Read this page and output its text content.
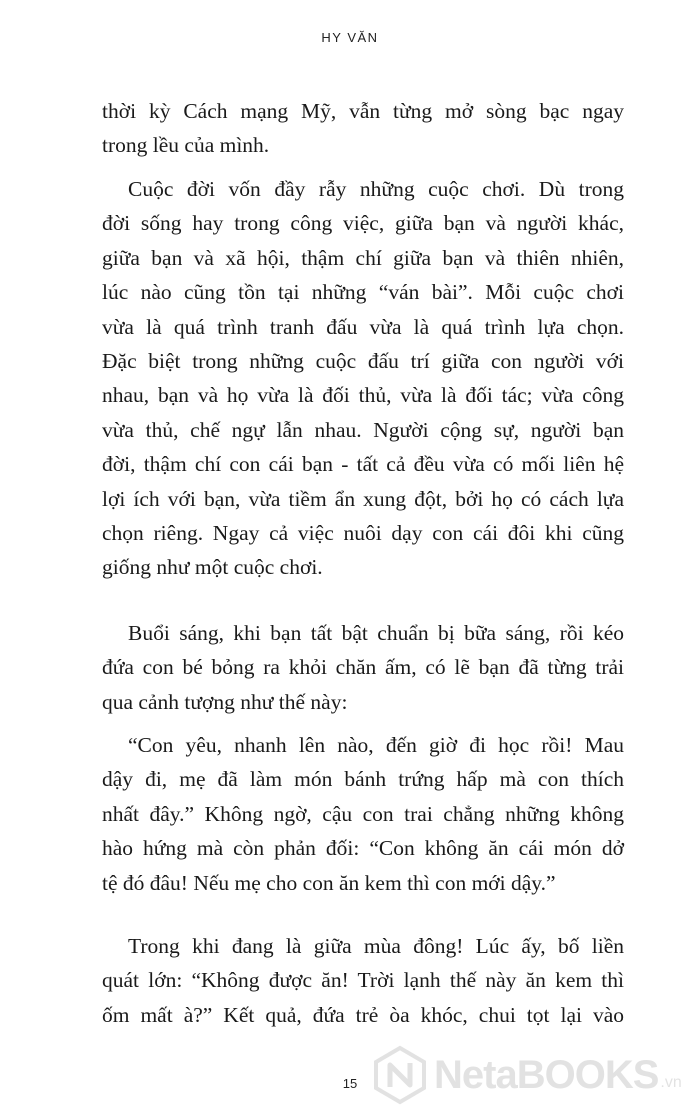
HY VĂN
thời kỳ Cách mạng Mỹ, vẫn từng mở sòng bạc ngay
trong lều của mình.
Cuộc đời vốn đầy rẫy những cuộc chơi. Dù trong
đời sống hay trong công việc, giữa bạn và người khác,
giữa bạn và xã hội, thậm chí giữa bạn và thiên nhiên,
lúc nào cũng tồn tại những “ván bài”. Mỗi cuộc chơi
vừa là quá trình tranh đấu vừa là quá trình lựa chọn.
Đặc biệt trong những cuộc đấu trí giữa con người với
nhau, bạn và họ vừa là đối thủ, vừa là đối tác; vừa công
vừa thủ, chế ngự lẫn nhau. Người cộng sự, người bạn
đời, thậm chí con cái bạn - tất cả đều vừa có mối liên hệ
lợi ích với bạn, vừa tiềm ẩn xung đột, bởi họ có cách lựa
chọn riêng. Ngay cả việc nuôi dạy con cái đôi khi cũng
giống như một cuộc chơi.
Buổi sáng, khi bạn tất bật chuẩn bị bữa sáng, rồi kéo
đứa con bé bỏng ra khỏi chăn ấm, có lẽ bạn đã từng trải
qua cảnh tượng như thế này:
“Con yêu, nhanh lên nào, đến giờ đi học rồi! Mau
dậy đi, mẹ đã làm món bánh trứng hấp mà con thích
nhất đây.” Không ngờ, cậu con trai chẳng những không
hào hứng mà còn phản đối: “Con không ăn cái món dở
tệ đó đâu! Nếu mẹ cho con ăn kem thì con mới dậy.”
Trong khi đang là giữa mùa đông! Lúc ấy, bố liền
quát lớn: “Không được ăn! Trời lạnh thế này ăn kem thì
ốm mất à?” Kết quả, đứa trẻ òa khóc, chui tọt lại vào
15	NetaBOOKS .vn
